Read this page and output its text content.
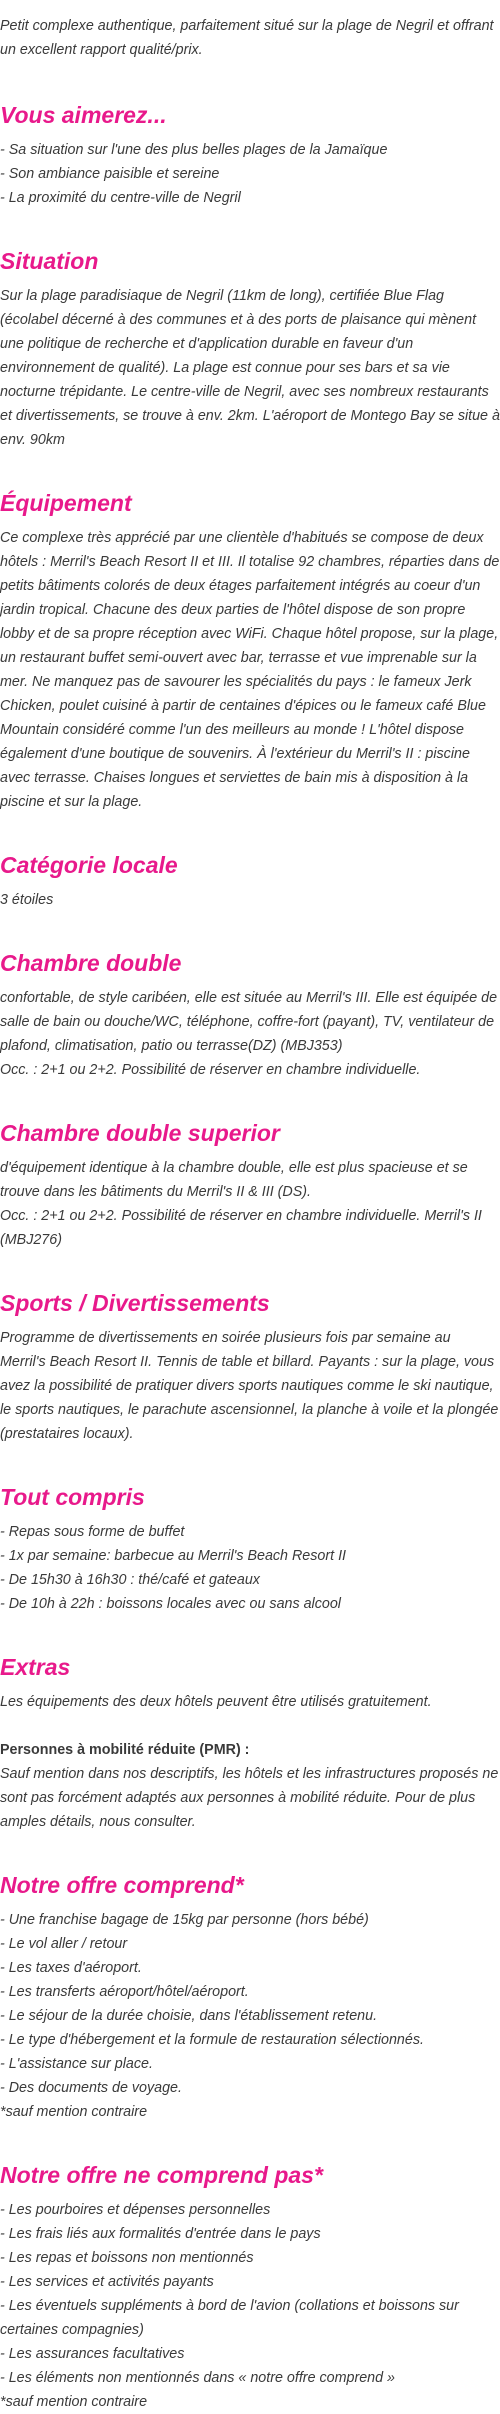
Petit complexe authentique, parfaitement situé sur la plage de Negril et offrant un excellent rapport qualité/prix.

Vous aimerez...
- Sa situation sur l'une des plus belles plages de la Jamaïque
- Son ambiance paisible et sereine
- La proximité du centre-ville de Negril
Situation

Sur la plage paradisiaque de Negril (11km de long), certifiée Blue Flag (écolabel décerné à des communes et à des ports de plaisance qui mènent une politique de recherche et d'application durable en faveur d'un environnement de qualité). La plage est connue pour ses bars et sa vie nocturne trépidante. Le centre-ville de Negril, avec ses nombreux restaurants et divertissements, se trouve à env. 2km. L'aéroport de Montego Bay se situe à env. 90km

Équipement

Ce complexe très apprécié par une clientèle d'habitués se compose de deux hôtels : Merril's Beach Resort II et III. Il totalise 92 chambres, réparties dans de petits bâtiments colorés de deux étages parfaitement intégrés au coeur d'un jardin tropical. Chacune des deux parties de l'hôtel dispose de son propre lobby et de sa propre réception avec WiFi. Chaque hôtel propose, sur la plage, un restaurant buffet semi-ouvert avec bar, terrasse et vue imprenable sur la mer. Ne manquez pas de savourer les spécialités du pays : le fameux Jerk Chicken, poulet cuisiné à partir de centaines d'épices ou le fameux café Blue Mountain considéré comme l'un des meilleurs au monde ! L'hôtel dispose également d'une boutique de souvenirs. À l'extérieur du Merril's II : piscine avec terrasse. Chaises longues et serviettes de bain mis à disposition à la piscine et sur la plage.

Catégorie locale

3 étoiles

Chambre double
confortable, de style caribéen, elle est située au Merril's III. Elle est équipée de salle de bain ou douche/WC, téléphone, coffre-fort (payant), TV, ventilateur de plafond, climatisation, patio ou terrasse(DZ) (MBJ353)
Occ. : 2+1 ou 2+2. Possibilité de réserver en chambre individuelle.
Chambre double superior
d'équipement identique à la chambre double, elle est plus spacieuse et se trouve dans les bâtiments du Merril's II & III (DS).
Occ. : 2+1 ou 2+2. Possibilité de réserver en chambre individuelle. Merril's II (MBJ276)
Sports / Divertissements

Programme de divertissements en soirée plusieurs fois par semaine au Merril's Beach Resort II. Tennis de table et billard. Payants : sur la plage, vous avez la possibilité de pratiquer divers sports nautiques comme le ski nautique, le sports nautiques, le parachute ascensionnel, la planche à voile et la plongée (prestataires locaux).

Tout compris
- Repas sous forme de buffet
- 1x par semaine: barbecue au Merril's Beach Resort II
- De 15h30 à 16h30 : thé/café et gateaux
- De 10h à 22h : boissons locales avec ou sans alcool
Extras

Les équipements des deux hôtels peuvent être utilisés gratuitement.

Personnes à mobilité réduite (PMR) :
Sauf mention dans nos descriptifs, les hôtels et les infrastructures proposés ne sont pas forcément adaptés aux personnes à mobilité réduite. Pour de plus amples détails, nous consulter.
Notre offre comprend*
- Une franchise bagage de 15kg par personne (hors bébé)
- Le vol aller / retour
- Les taxes d'aéroport.
- Les transferts aéroport/hôtel/aéroport.
- Le séjour de la durée choisie, dans l'établissement retenu.
- Le type d'hébergement et la formule de restauration sélectionnés.
- L'assistance sur place.
- Des documents de voyage.
*sauf mention contraire
Notre offre ne comprend pas*
- Les pourboires et dépenses personnelles
- Les frais liés aux formalités d'entrée dans le pays
- Les repas et boissons non mentionnés
- Les services et activités payants
- Les éventuels suppléments à bord de l'avion (collations et boissons sur certaines compagnies)
- Les assurances facultatives
- Les éléments non mentionnés dans « notre offre comprend »
*sauf mention contraire
